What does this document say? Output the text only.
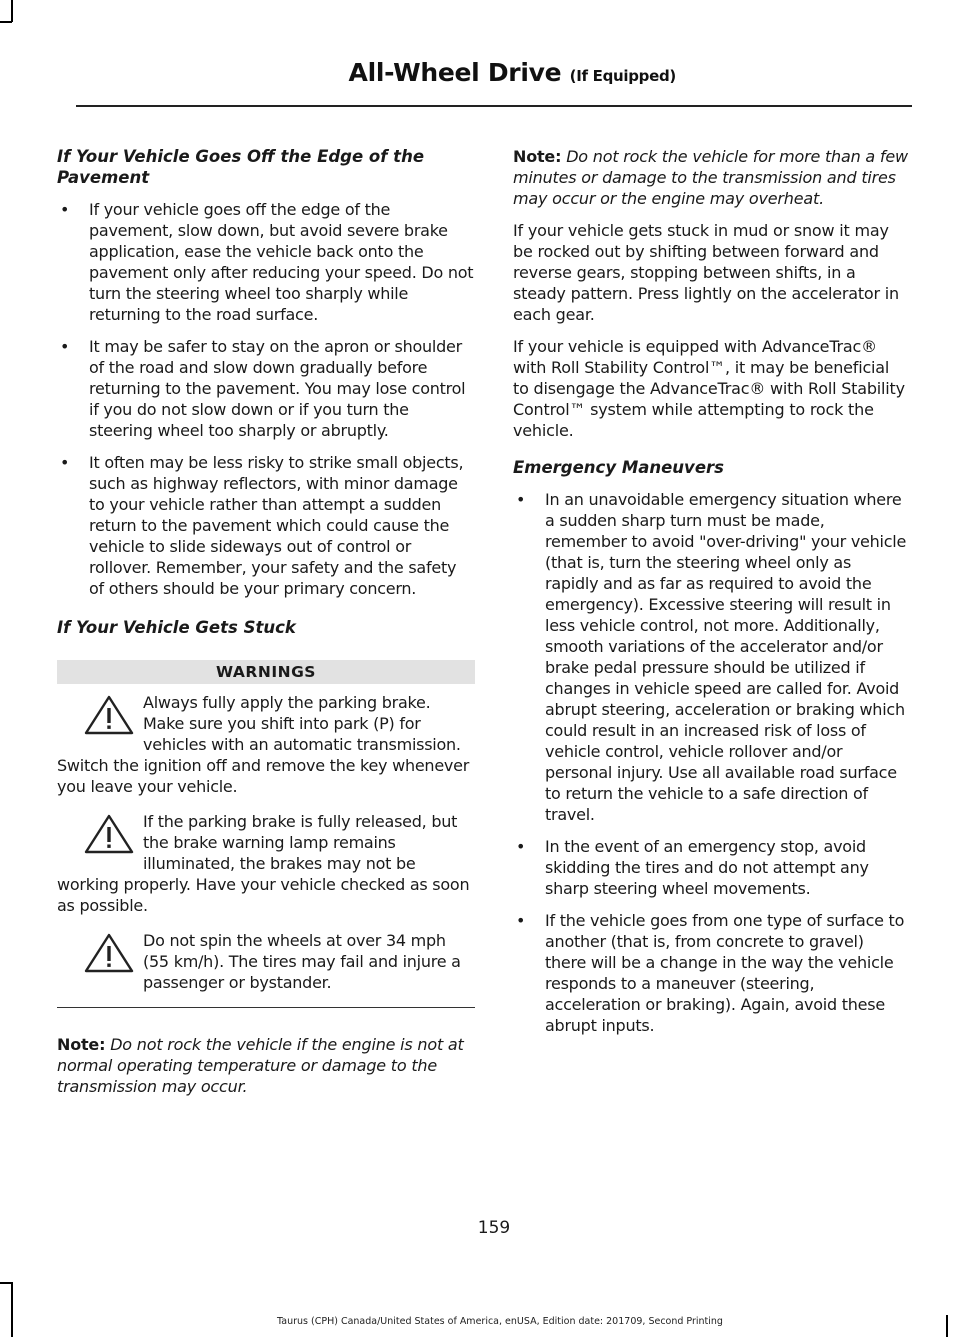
All-Wheel Drive (If Equipped)
If Your Vehicle Goes Off the Edge of the Pavement
• If your vehicle goes off the edge of the pavement, slow down, but avoid severe brake application, ease the vehicle back onto the pavement only after reducing your speed. Do not turn the steering wheel too sharply while returning to the road surface.
• It may be safer to stay on the apron or shoulder of the road and slow down gradually before returning to the pavement. You may lose control if you do not slow down or if you turn the steering wheel too sharply or abruptly.
• It often may be less risky to strike small objects, such as highway reflectors, with minor damage to your vehicle rather than attempt a sudden return to the pavement which could cause the vehicle to slide sideways out of control or rollover. Remember, your safety and the safety of others should be your primary concern.
If Your Vehicle Gets Stuck
WARNINGS
Always fully apply the parking brake. Make sure you shift into park (P) for vehicles with an automatic transmission. Switch the ignition off and remove the key whenever you leave your vehicle.
If the parking brake is fully released, but the brake warning lamp remains illuminated, the brakes may not be working properly. Have your vehicle checked as soon as possible.
Do not spin the wheels at over 34 mph (55 km/h). The tires may fail and injure a passenger or bystander.
Note: Do not rock the vehicle if the engine is not at normal operating temperature or damage to the transmission may occur.
Note: Do not rock the vehicle for more than a few minutes or damage to the transmission and tires may occur or the engine may overheat.
If your vehicle gets stuck in mud or snow it may be rocked out by shifting between forward and reverse gears, stopping between shifts, in a steady pattern. Press lightly on the accelerator in each gear.
If your vehicle is equipped with AdvanceTrac® with Roll Stability Control™, it may be beneficial to disengage the AdvanceTrac® with Roll Stability Control™ system while attempting to rock the vehicle.
Emergency Maneuvers
• In an unavoidable emergency situation where a sudden sharp turn must be made, remember to avoid "over-driving" your vehicle (that is, turn the steering wheel only as rapidly and as far as required to avoid the emergency). Excessive steering will result in less vehicle control, not more. Additionally, smooth variations of the accelerator and/or brake pedal pressure should be utilized if changes in vehicle speed are called for. Avoid abrupt steering, acceleration or braking which could result in an increased risk of loss of vehicle control, vehicle rollover and/or personal injury. Use all available road surface to return the vehicle to a safe direction of travel.
• In the event of an emergency stop, avoid skidding the tires and do not attempt any sharp steering wheel movements.
• If the vehicle goes from one type of surface to another (that is, from concrete to gravel) there will be a change in the way the vehicle responds to a maneuver (steering, acceleration or braking). Again, avoid these abrupt inputs.
159
Taurus (CPH) Canada/United States of America, enUSA, Edition date: 201709, Second Printing
